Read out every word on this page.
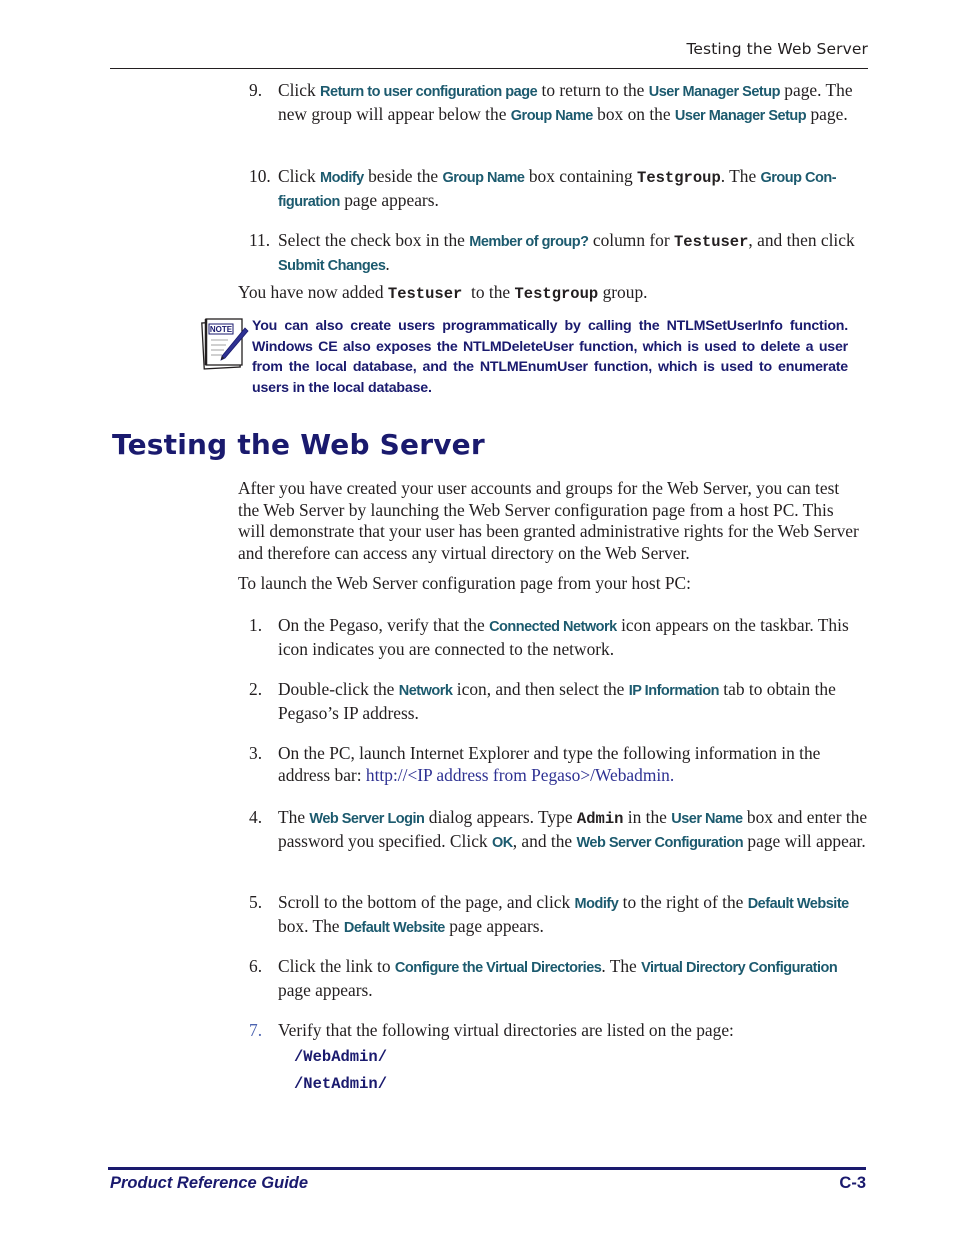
Testing the Web Server
9. Click Return to user configuration page to return to the User Manager Setup page. The new group will appear below the Group Name box on the User Manager Setup page.
10. Click Modify beside the Group Name box containing Testgroup. The Group Con-figuration page appears.
11. Select the check box in the Member of group? column for Testuser, and then click Submit Changes.
You have now added Testuser  to the Testgroup group.
NOTE You can also create users programmatically by calling the NTLMSetUserInfo function. Windows CE also exposes the NTLMDeleteUser function, which is used to delete a user from the local database, and the NTLMEnumUser function, which is used to enumerate users in the local database.
Testing the Web Server
After you have created your user accounts and groups for the Web Server, you can test the Web Server by launching the Web Server configuration page from a host PC. This will demonstrate that your user has been granted administrative rights for the Web Server and therefore can access any virtual directory on the Web Server.
To launch the Web Server configuration page from your host PC:
1. On the Pegaso, verify that the Connected Network icon appears on the taskbar. This icon indicates you are connected to the network.
2. Double-click the Network icon, and then select the IP Information tab to obtain the Pegaso’s IP address.
3. On the PC, launch Internet Explorer and type the following information in the address bar: http://<IP address from Pegaso>/Webadmin.
4. The Web Server Login dialog appears. Type Admin in the User Name box and enter the password you specified. Click OK, and the Web Server Configuration page will appear.
5. Scroll to the bottom of the page, and click Modify to the right of the Default Website box. The Default Website page appears.
6. Click the link to Configure the Virtual Directories. The Virtual Directory Configuration page appears.
7. Verify that the following virtual directories are listed on the page:
/WebAdmin/
/NetAdmin/
Product Reference Guide	C-3
